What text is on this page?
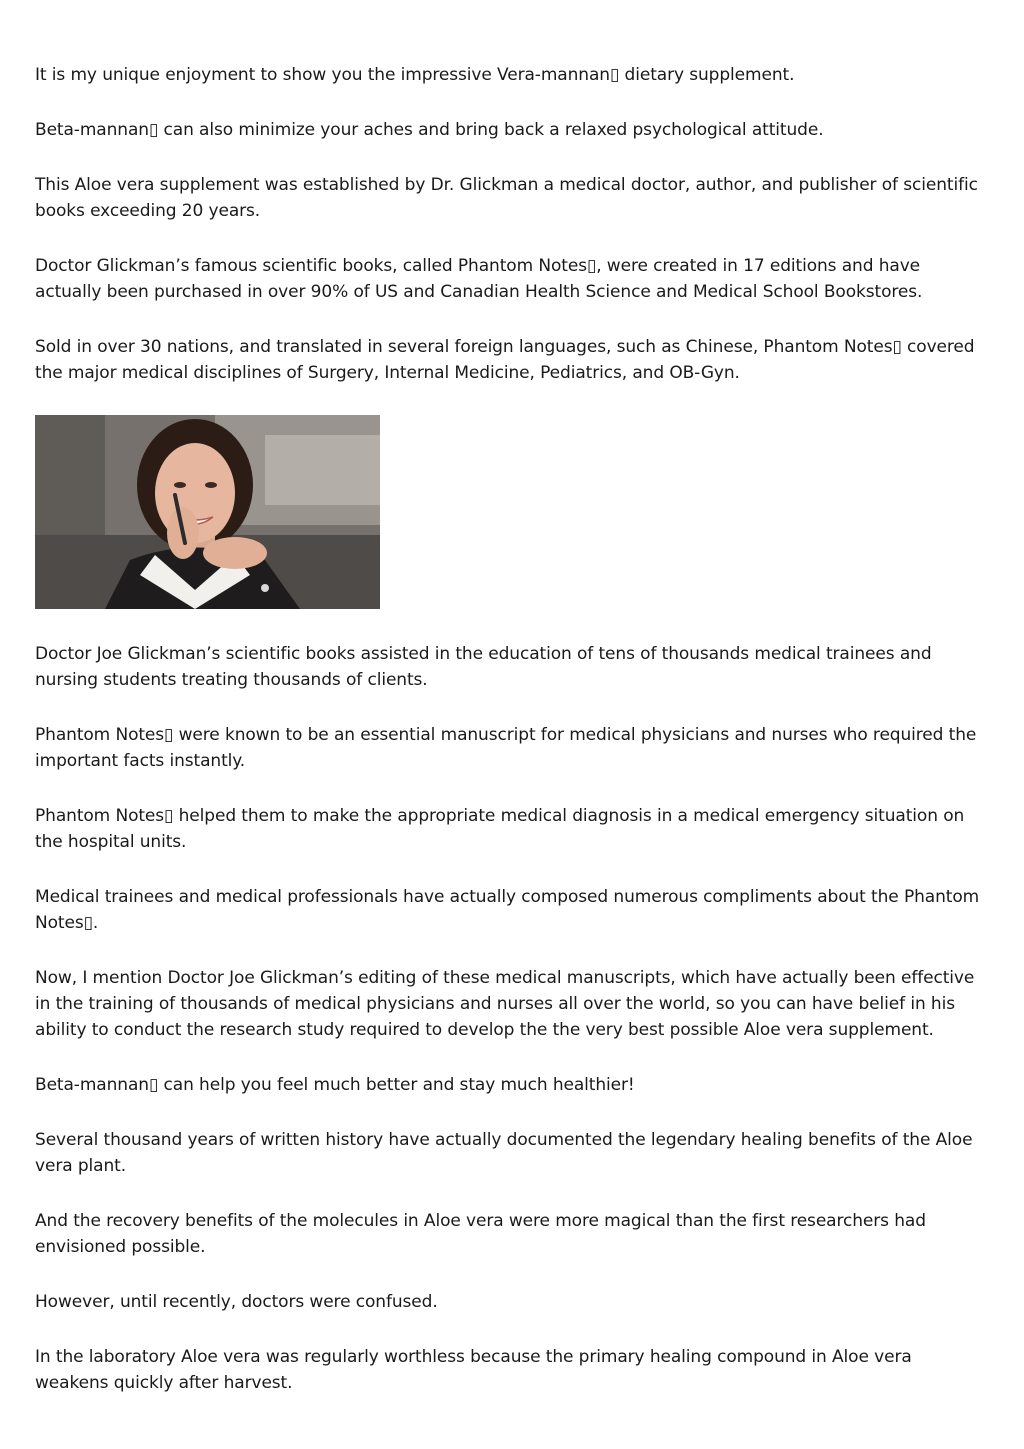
It is my unique enjoyment to show you the impressive Vera-mannan▯ dietary supplement.

Beta-mannan▯ can also minimize your aches and bring back a relaxed psychological attitude.

This Aloe vera supplement was established by Dr. Glickman a medical doctor, author, and publisher of scientific books exceeding 20 years.

Doctor Glickman’s famous scientific books, called Phantom Notes▯, were created in 17 editions and have actually been purchased in over 90% of US and Canadian Health Science and Medical School Bookstores.

Sold in over 30 nations, and translated in several foreign languages, such as Chinese, Phantom Notes▯ covered the major medical disciplines of Surgery, Internal Medicine, Pediatrics, and OB-Gyn.

Doctor Joe Glickman’s scientific books assisted in the education of tens of thousands medical trainees and nursing students treating thousands of clients.

Phantom Notes▯ were known to be an essential manuscript for medical physicians and nurses who required the important facts instantly.

Phantom Notes▯ helped them to make the appropriate medical diagnosis in a medical emergency situation on the hospital units.

Medical trainees and medical professionals have actually composed numerous compliments about the Phantom Notes▯.

Now, I mention Doctor Joe Glickman’s editing of these medical manuscripts, which have actually been effective in the training of thousands of medical physicians and nurses all over the world, so you can have belief in his ability to conduct the research study required to develop the the very best possible Aloe vera supplement.

Beta-mannan▯ can help you feel much better and stay much healthier!

Several thousand years of written history have actually documented the legendary healing benefits of the Aloe vera plant.

And the recovery benefits of the molecules in Aloe vera were more magical than the first researchers had envisioned possible.

However, until recently, doctors were confused.

In the laboratory Aloe vera was regularly worthless because the primary healing compound in Aloe vera weakens quickly after harvest.
